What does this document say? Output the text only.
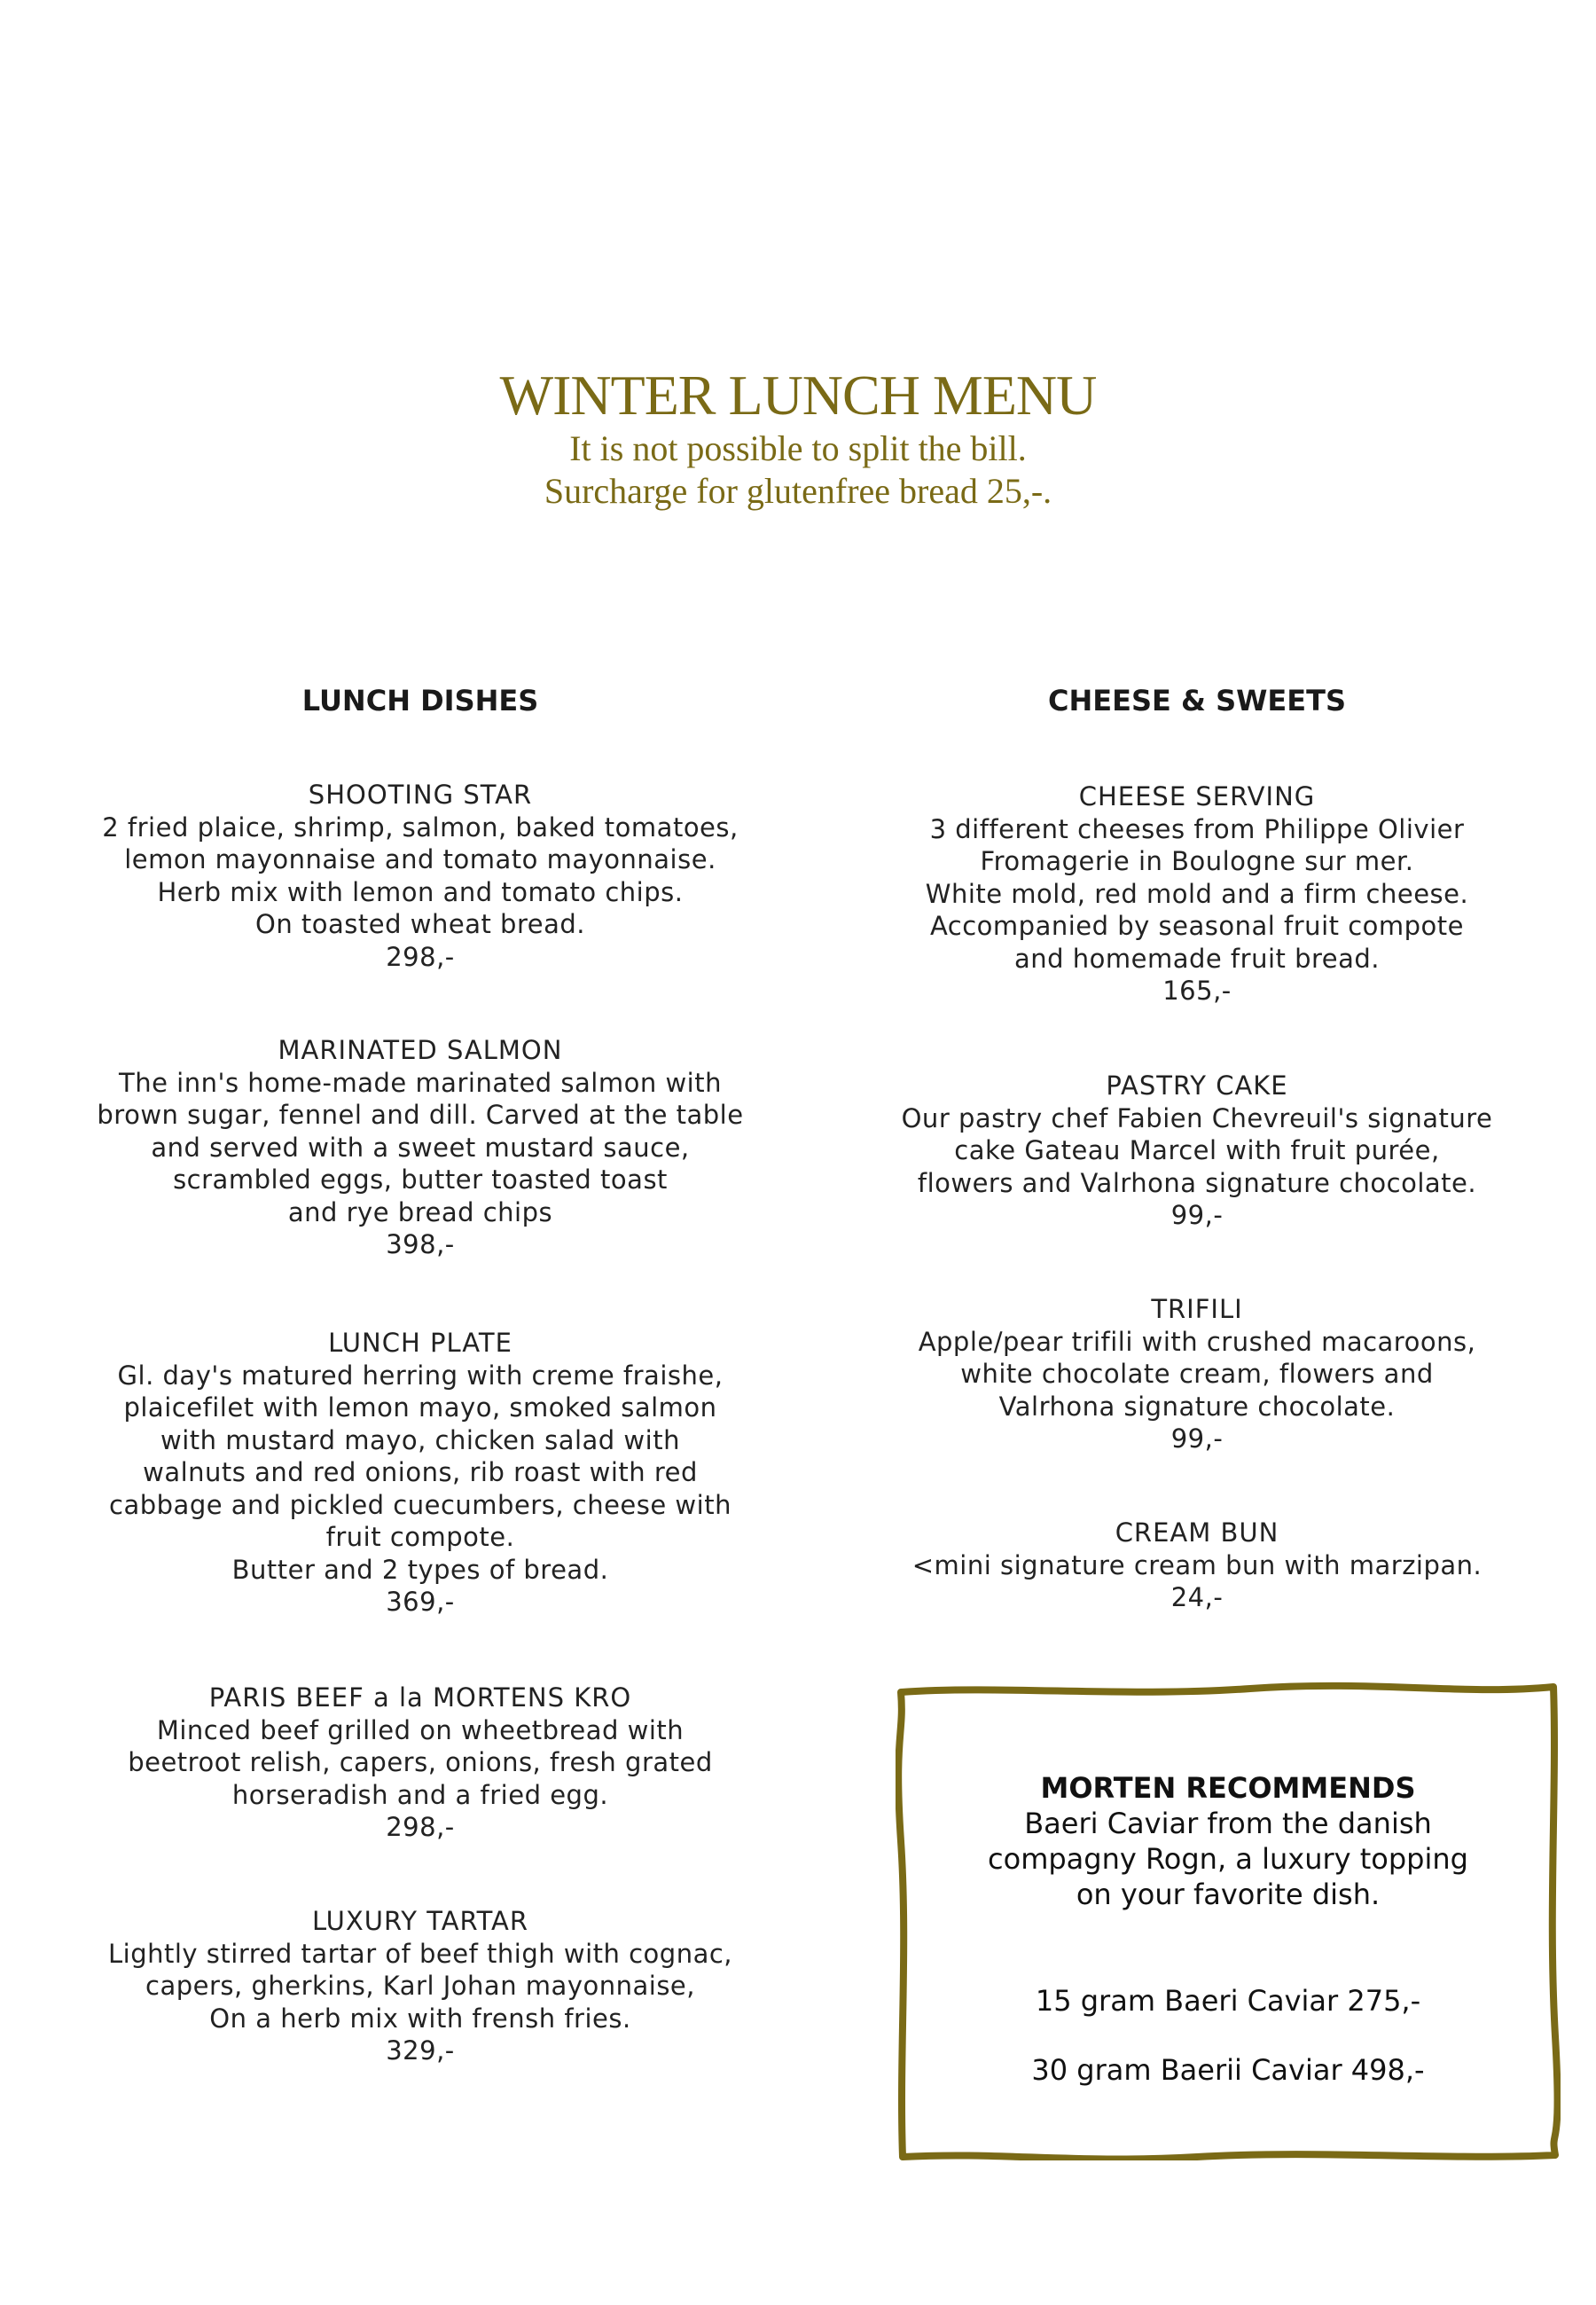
WINTER LUNCH MENU
It is not possible to split the bill.
Surcharge for glutenfree bread 25,-.
LUNCH DISHES	CHEESE & SWEETS
SHOOTING STAR
2 fried plaice, shrimp, salmon, baked tomatoes,
lemon mayonnaise and tomato mayonnaise.
Herb mix with lemon and tomato chips.
On toasted wheat bread.
298,-
MARINATED SALMON
The inn's home-made marinated salmon with
brown sugar, fennel and dill. Carved at the table
and served with a sweet mustard sauce,
scrambled eggs, butter toasted toast
and rye bread chips
398,-
LUNCH PLATE
Gl. day's matured herring with creme fraishe,
plaicefilet with lemon mayo, smoked salmon
with mustard mayo, chicken salad with
walnuts and red onions, rib roast with red
cabbage and pickled cuecumbers, cheese with
fruit compote.
Butter and 2 types of bread.
369,-
PARIS BEEF a la MORTENS KRO
Minced beef grilled on wheetbread with
beetroot relish, capers, onions, fresh grated
horseradish and a fried egg.
298,-
LUXURY TARTAR
Lightly stirred tartar of beef thigh with cognac,
capers, gherkins, Karl Johan mayonnaise,
On a herb mix with frensh fries.
329,-
CHEESE SERVING
3 different cheeses from Philippe Olivier
Fromagerie in Boulogne sur mer.
White mold, red mold and a firm cheese.
Accompanied by seasonal fruit compote
and homemade fruit bread.
165,-
PASTRY CAKE
Our pastry chef Fabien Chevreuil's signature
cake Gateau Marcel with fruit purée,
flowers and Valrhona signature chocolate.
99,-
TRIFILI
Apple/pear trifili with crushed macaroons,
white chocolate cream, flowers and
Valrhona signature chocolate.
99,-
CREAM BUN
<mini signature cream bun with marzipan.
24,-
MORTEN RECOMMENDS
Baeri Caviar from the danish
compagny Rogn, a luxury topping
on your favorite dish.
15 gram Baeri Caviar 275,-
30 gram Baerii Caviar 498,-
